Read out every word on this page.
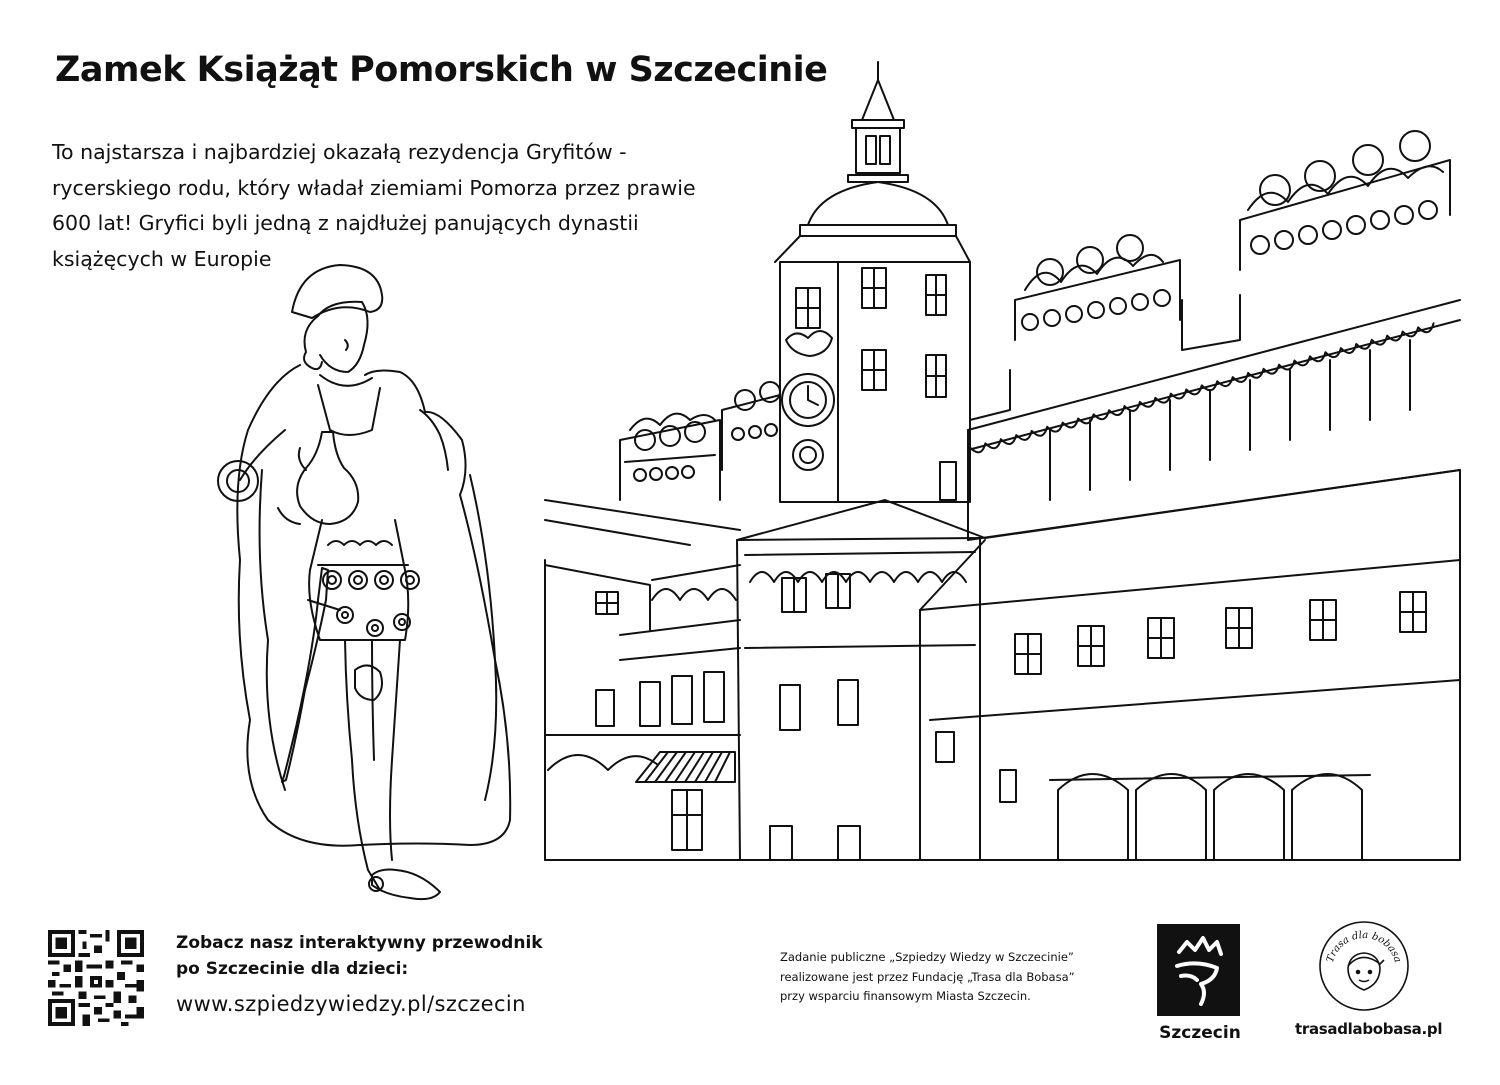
Zamek Książąt Pomorskich w Szczecinie
To najstarsza i najbardziej okazałą rezydencja Gryfitów -
rycerskiego rodu, który władał ziemiami Pomorza przez prawie
600 lat! Gryfici byli jedną z najdłużej panujących dynastii
książęcych w Europie
Zobacz nasz interaktywny przewodnik
po Szczecinie dla dzieci:
www.szpiedzywiedzy.pl/szczecin
Zadanie publiczne „Szpiedzy Wiedzy w Szczecinie”
realizowane jest przez Fundację „Trasa dla Bobasa”
przy wsparciu finansowym Miasta Szczecin.
Szczecin
Trasa dla bobasa
trasadlabobasa.pl
